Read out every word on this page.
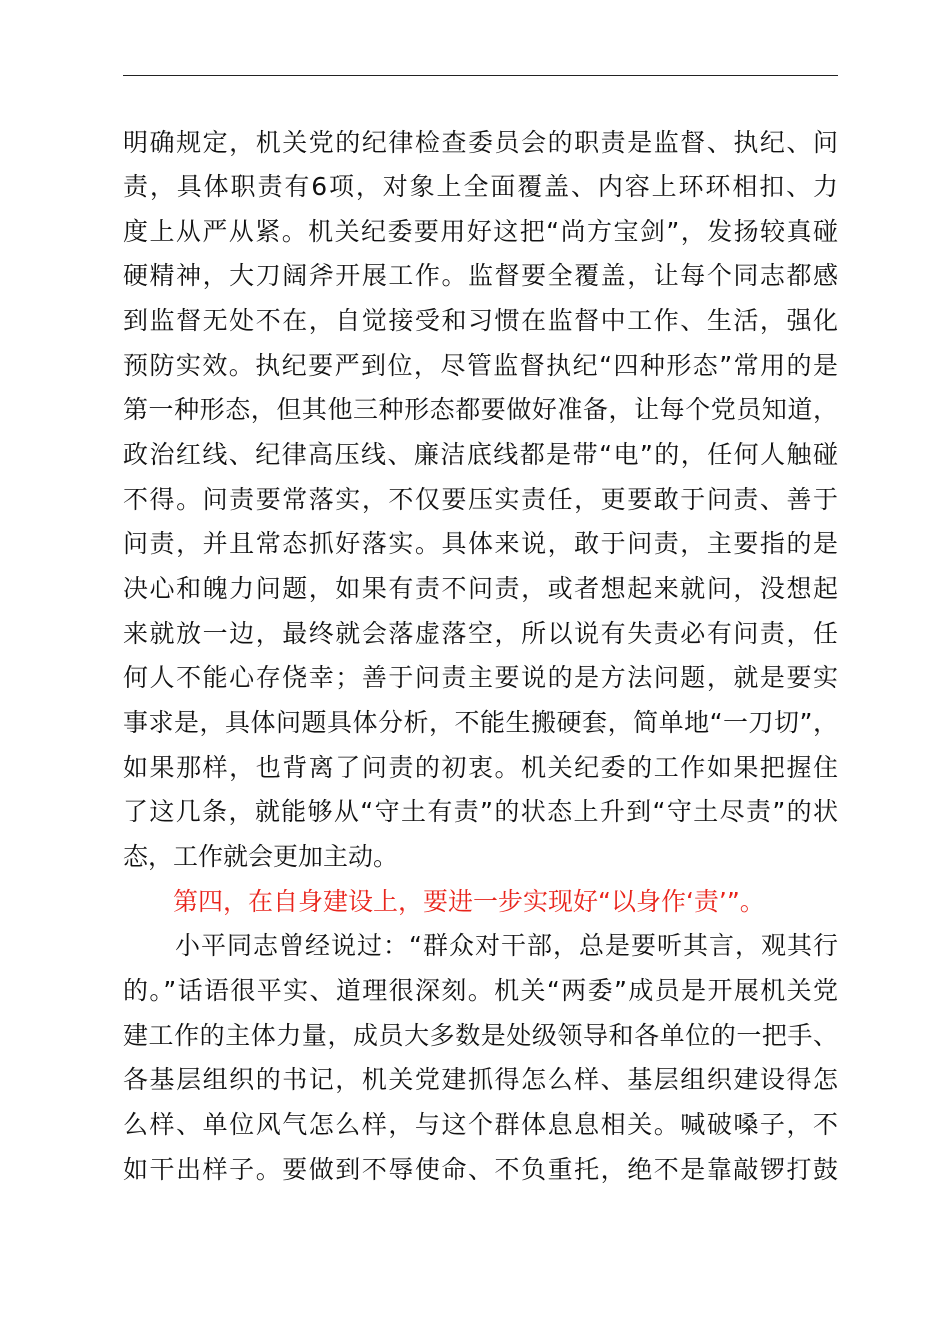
明确规定，机关党的纪律检查委员会的职责是监督、执纪、问
责，具体职责有6项，对象上全面覆盖、内容上环环相扣、力
度上从严从紧。机关纪委要用好这把“尚方宝剑”，发扬较真碰
硬精神，大刀阔斧开展工作。监督要全覆盖，让每个同志都感
到监督无处不在，自觉接受和习惯在监督中工作、生活，强化
预防实效。执纪要严到位，尽管监督执纪“四种形态”常用的是
第一种形态，但其他三种形态都要做好准备，让每个党员知道，
政治红线、纪律高压线、廉洁底线都是带“电”的，任何人触碰
不得。问责要常落实，不仅要压实责任，更要敢于问责、善于
问责，并且常态抓好落实。具体来说，敢于问责，主要指的是
决心和魄力问题，如果有责不问责，或者想起来就问，没想起
来就放一边，最终就会落虚落空，所以说有失责必有问责，任
何人不能心存侥幸；善于问责主要说的是方法问题，就是要实
事求是，具体问题具体分析，不能生搬硬套，简单地“一刀切”，
如果那样，也背离了问责的初衷。机关纪委的工作如果把握住
了这几条，就能够从“守土有责”的状态上升到“守土尽责”的状
态，工作就会更加主动。
　　第四，在自身建设上，要进一步实现好“以身作‘责’”。
　　小平同志曾经说过：“群众对干部，总是要听其言，观其行
的。”话语很平实、道理很深刻。机关“两委”成员是开展机关党
建工作的主体力量，成员大多数是处级领导和各单位的一把手、
各基层组织的书记，机关党建抓得怎么样、基层组织建设得怎
么样、单位风气怎么样，与这个群体息息相关。喊破嗓子，不
如干出样子。要做到不辱使命、不负重托，绝不是靠敲锣打鼓
